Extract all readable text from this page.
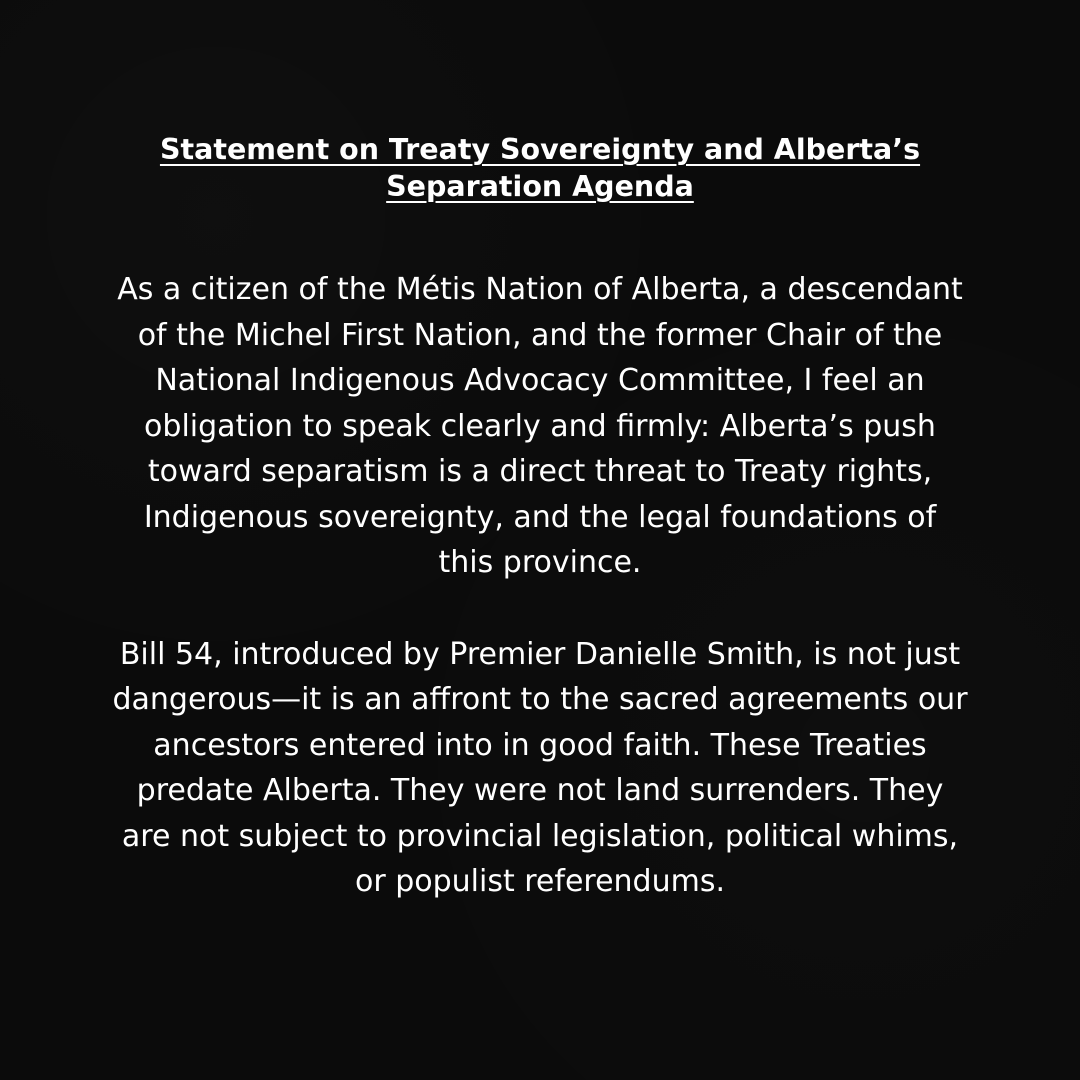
Statement on Treaty Sovereignty and Alberta’s
Separation Agenda

As a citizen of the Métis Nation of Alberta, a descendant
of the Michel First Nation, and the former Chair of the
National Indigenous Advocacy Committee, I feel an
obligation to speak clearly and firmly: Alberta’s push
toward separatism is a direct threat to Treaty rights,
Indigenous sovereignty, and the legal foundations of
this province.

Bill 54, introduced by Premier Danielle Smith, is not just
dangerous—it is an affront to the sacred agreements our
ancestors entered into in good faith. These Treaties
predate Alberta. They were not land surrenders. They
are not subject to provincial legislation, political whims,
or populist referendums.
